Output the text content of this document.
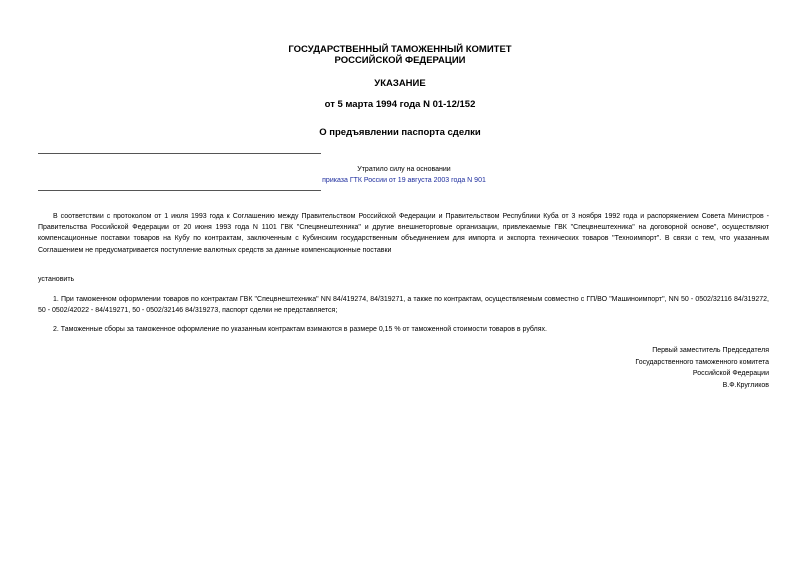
ГОСУДАРСТВЕННЫЙ ТАМОЖЕННЫЙ КОМИТЕТ
РОССИЙСКОЙ ФЕДЕРАЦИИ
УКАЗАНИЕ
от 5 марта 1994 года N 01-12/152
О предъявлении паспорта сделки
Утратило силу на основании
приказа ГТК России от 19 августа 2003 года N 901
В соответствии с протоколом от 1 июля 1993 года к Соглашению между Правительством Российской Федерации и Правительством Республики Куба от 3 ноября 1992 года и распоряжением Совета Министров - Правительства Российской Федерации от 20 июня 1993 года N 1101 ГВК "Спецвнештехника" и другие внешнеторговые организации, привлекаемые ГВК "Спецвнештехника" на договорной основе", осуществляют компенсационные поставки товаров на Кубу по контрактам, заключенным с Кубинским государственным объединением для импорта и экспорта технических товаров "Техноимпорт". В связи с тем, что указанным Соглашением не предусматривается поступление валютных средств за данные компенсационные поставки
установить
1. При таможенном оформлении товаров по контрактам ГВК "Спецвнештехника" NN 84/419274, 84/319271, а также по контрактам, осуществляемым совместно с ГП/ВО "Машиноимпорт", NN 50 - 0502/32116 84/319272, 50 - 0502/42022 - 84/419271, 50 - 0502/32146 84/319273, паспорт сделки не представляется;
2. Таможенные сборы за таможенное оформление по указанным контрактам взимаются в размере 0,15 % от таможенной стоимости товаров в рублях.
Первый заместитель Председателя
Государственного таможенного комитета
Российской Федерации
В.Ф.Кругликов
